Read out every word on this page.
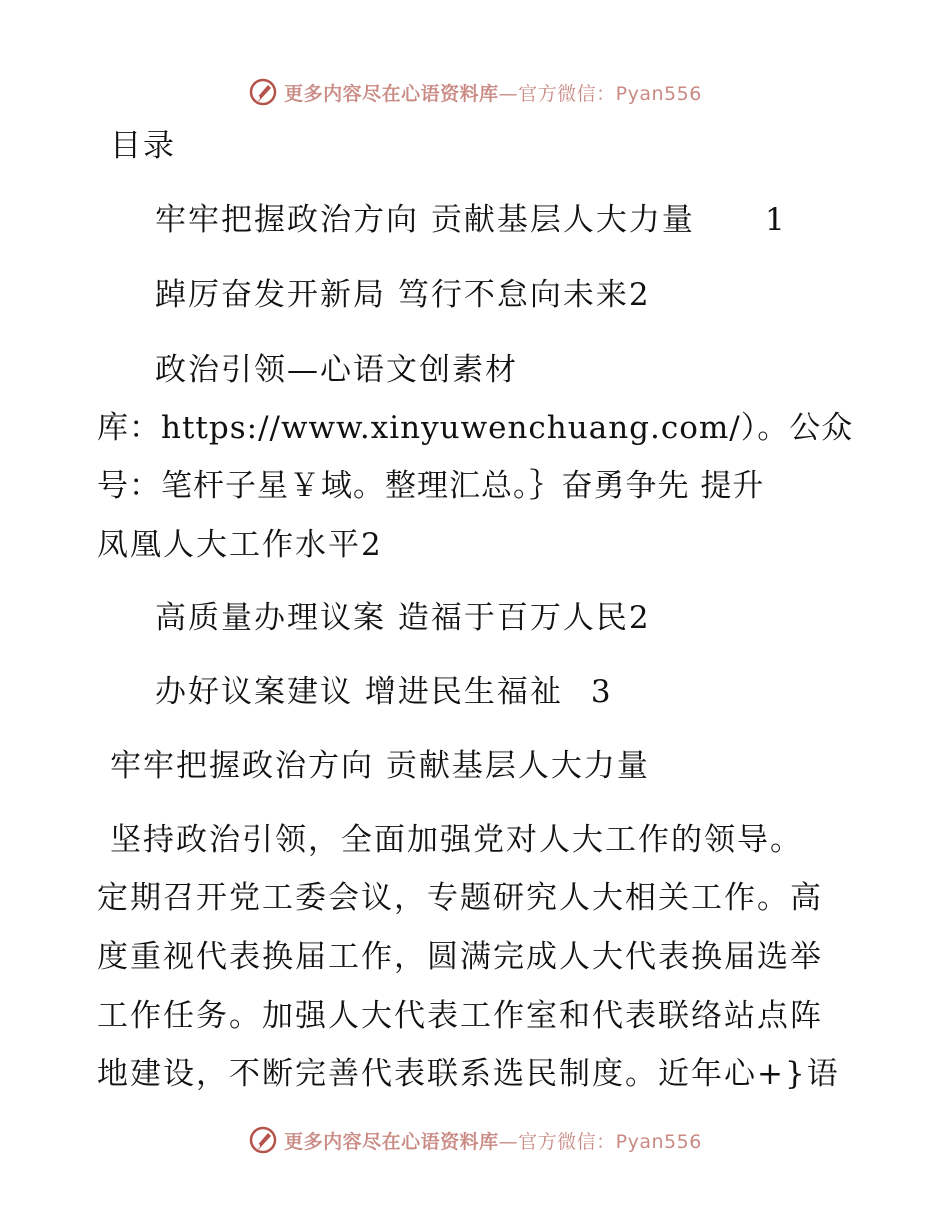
更多内容尽在心语资料库—官方微信：Pyan556
目录
牢牢把握政治方向 贡献基层人大力量 1
踔厉奋发开新局 笃行不怠向未来2
政治引领—心语文创素材
库：https://www.xinyuwenchuang.com/）。公众
号：笔杆子星￥域。整理汇总。｝奋勇争先 提升
凤凰人大工作水平2
高质量办理议案 造福于百万人民2
办好议案建议 增进民生福祉 3
牢牢把握政治方向 贡献基层人大力量
坚持政治引领，全面加强党对人大工作的领导。
定期召开党工委会议，专题研究人大相关工作。高
度重视代表换届工作，圆满完成人大代表换届选举
工作任务。加强人大代表工作室和代表联络站点阵
地建设，不断完善代表联系选民制度。近年心+}语
更多内容尽在心语资料库—官方微信：Pyan556
